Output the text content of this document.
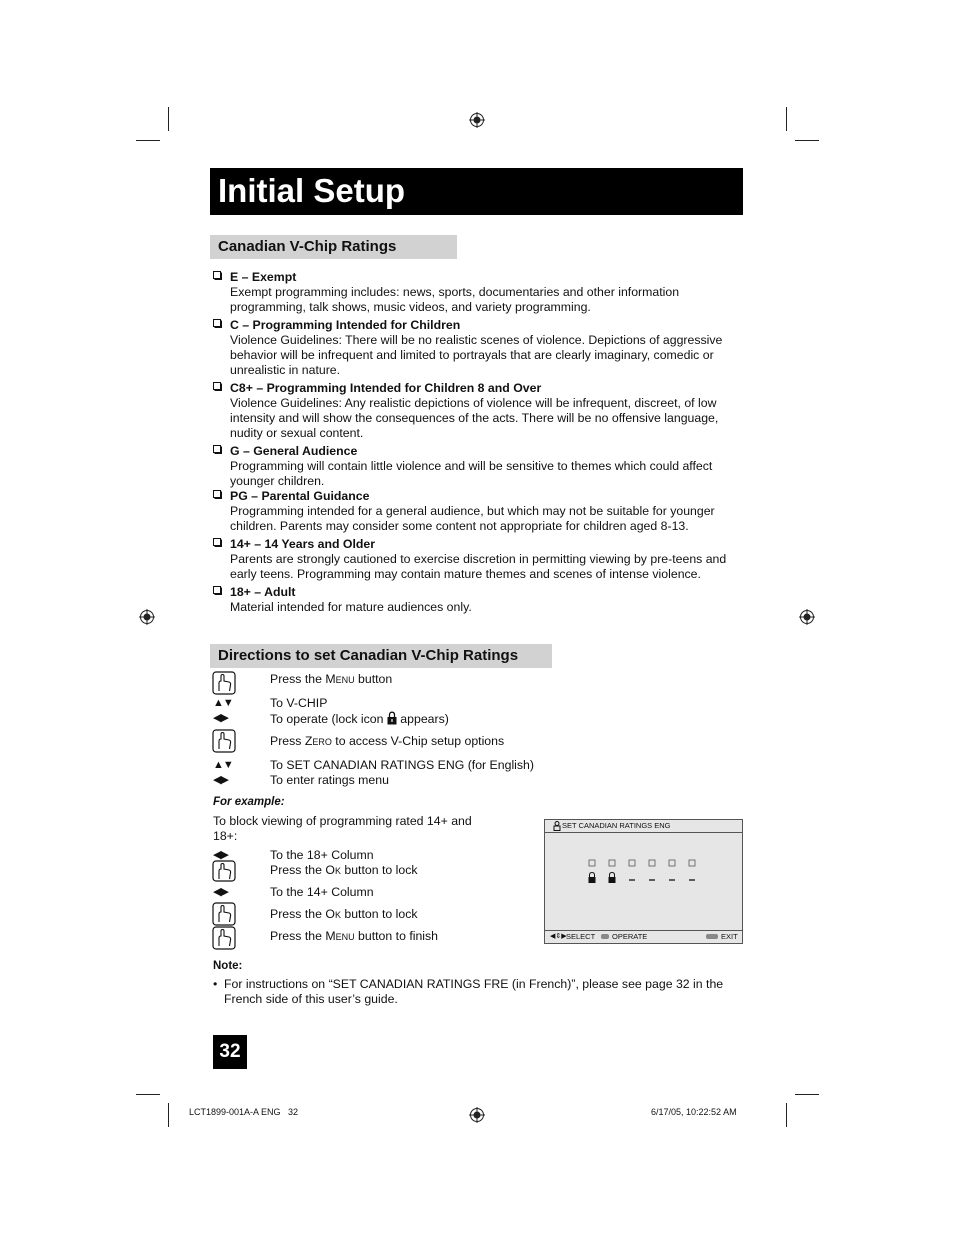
Initial Setup
Canadian V-Chip Ratings
E – Exempt
Exempt programming includes: news, sports, documentaries and other information programming, talk shows, music videos, and variety programming.
C – Programming Intended for Children
Violence Guidelines: There will be no realistic scenes of violence. Depictions of aggressive behavior will be infrequent and limited to portrayals that are clearly imaginary, comedic or unrealistic in nature.
C8+ – Programming Intended for Children 8 and Over
Violence Guidelines: Any realistic depictions of violence will be infrequent, discreet, of low intensity and will show the consequences of the acts. There will be no offensive language, nudity or sexual content.
G – General Audience
Programming will contain little violence and will be sensitive to themes which could affect younger children.
PG – Parental Guidance
Programming intended for a general audience, but which may not be suitable for younger children. Parents may consider some content not appropriate for children aged 8-13.
14+ – 14 Years and Older
Parents are strongly cautioned to exercise discretion in permitting viewing by pre-teens and early teens. Programming may contain mature themes and scenes of intense violence.
18+ – Adult
Material intended for mature audiences only.
Directions to set Canadian V-Chip Ratings
Press the Menu button
▲▼	To V-CHIP
◀▶	To operate (lock icon  appears)
Press Zero to access V-Chip setup options
▲▼	To SET CANADIAN RATINGS ENG (for English)
◀▶	To enter ratings menu
For example:
To block viewing of programming rated 14+ and
18+:
◀▶	To the 18+ Column
Press the Ok button to lock
◀▶	To the 14+ Column
Press the Ok button to lock
Press the Menu button to finish
SET CANADIAN RATINGS ENG
◀⇕▶ SELECT OPERATE	EXIT
Note:
• For instructions on “SET CANADIAN RATINGS FRE (in French)”, please see page 32 in the
French side of this user’s guide.
32
LCT1899-001A-A ENG   32	6/17/05, 10:22:52 AM
